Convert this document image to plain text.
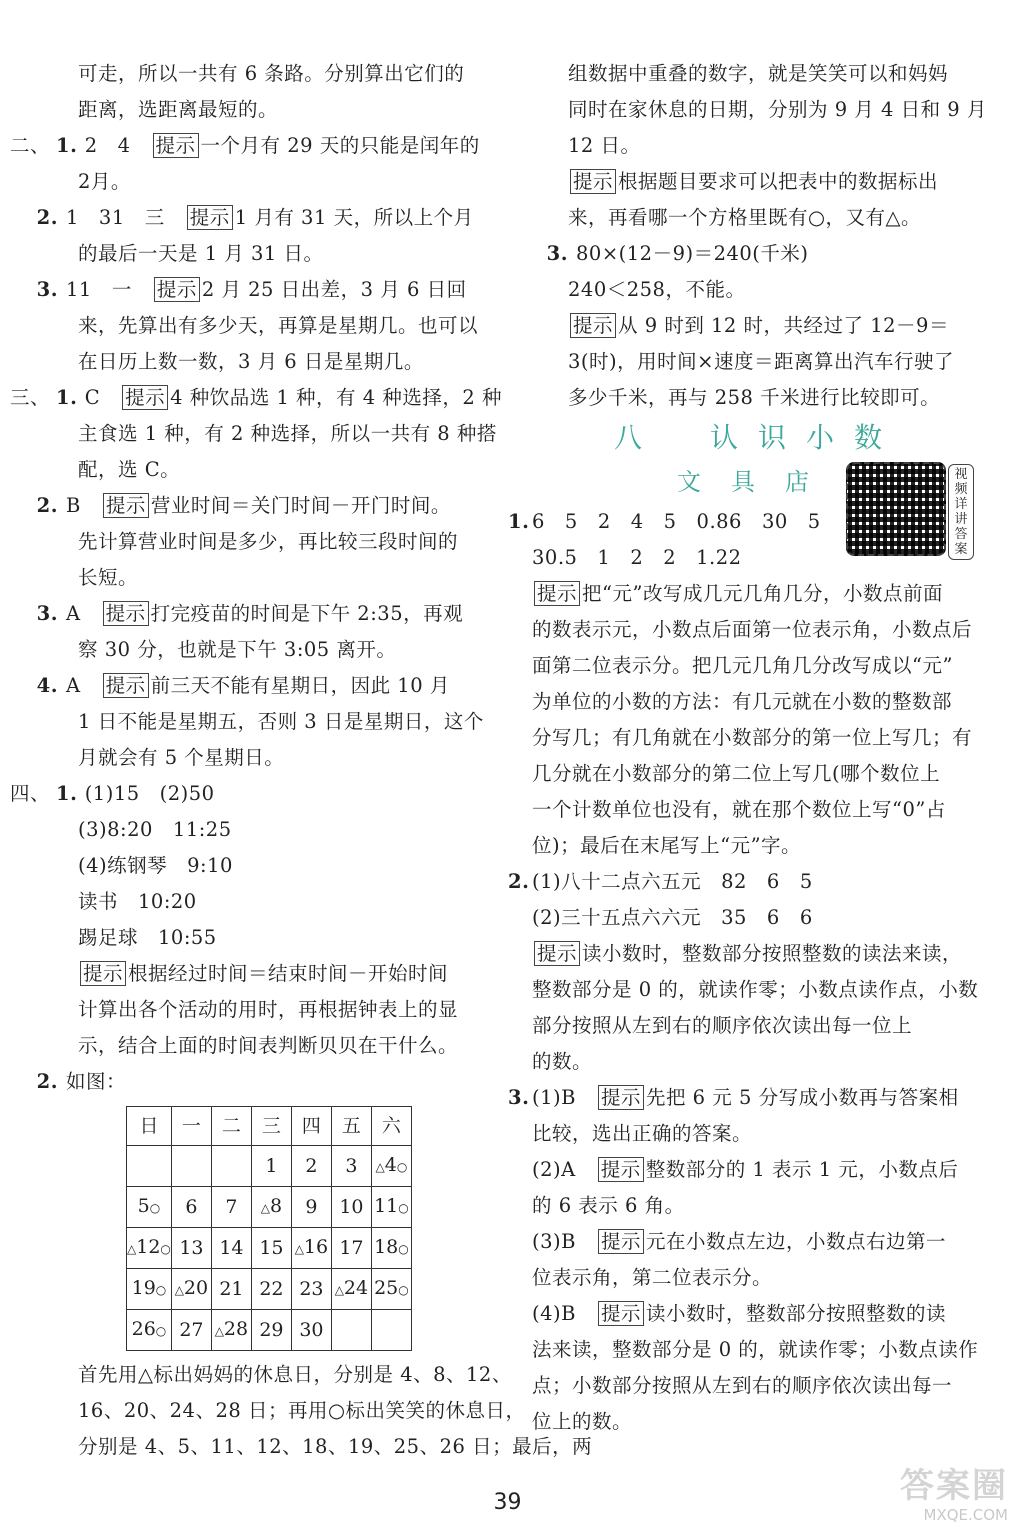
可走，所以一共有 6 条路。分别算出它们的
距离，选距离最短的。
二、 1. 2　4　提示 一个月有 29 天的只能是闰年的
2月。
2. 1　31　三　提示 1 月有 31 天，所以上个月
的最后一天是 1 月 31 日。
3. 11　一　提示 2 月 25 日出差，3 月 6 日回
来，先算出有多少天，再算是星期几。也可以
在日历上数一数，3 月 6 日是星期几。
三、 1. C　提示 4 种饮品选 1 种，有 4 种选择，2 种
主食选 1 种，有 2 种选择，所以一共有 8 种搭
配，选 C。
2. B　提示 营业时间＝关门时间－开门时间。
先计算营业时间是多少，再比较三段时间的
长短。
3. A　提示 打完疫苗的时间是下午 2:35，再观
察 30 分，也就是下午 3:05 离开。
4. A　提示 前三天不能有星期日，因此 10 月
1 日不能是星期五，否则 3 日是星期日，这个
月就会有 5 个星期日。
四、 1. (1)15　(2)50
(3)8:20　11:25
(4)练钢琴　9:10
读书　10:20
踢足球　10:55
提示 根据经过时间＝结束时间－开始时间
计算出各个活动的用时，再根据钟表上的显
示，结合上面的时间表判断贝贝在干什么。
2. 如图：
日	一	二	三	四	五	六
			1	2	3	△4○
5○	6	7	△8	9	10	11○
△12○	13	14	15	△16	17	18○
19○	△20	21	22	23	△24	25○
26○	27	△28	29	30		
首先用△标出妈妈的休息日，分别是 4、8、12、
16、20、24、28 日；再用○标出笑笑的休息日，
分别是 4、5、11、12、18、19、25、26 日；最后，两
组数据中重叠的数字，就是笑笑可以和妈妈
同时在家休息的日期，分别为 9 月 4 日和 9 月
12 日。
提示 根据题目要求可以把表中的数据标出
来，再看哪一个方格里既有○，又有△。
3. 80×(12－9)＝240(千米)
240＜258，不能。
提示 从 9 时到 12 时，共经过了 12－9＝
3(时)，用时间×速度＝距离算出汽车行驶了
多少千米，再与 258 千米进行比较即可。
八　认识小数
文具店
1. 6　5　2　4　5　0.86　30　5
30.5　1　2　2　1.22
提示 把“元”改写成几元几角几分，小数点前面
的数表示元，小数点后面第一位表示角，小数点后
面第二位表示分。把几元几角几分改写成以“元”
为单位的小数的方法：有几元就在小数的整数部
分写几；有几角就在小数部分的第一位上写几；有
几分就在小数部分的第二位上写几(哪个数位上
一个计数单位也没有，就在那个数位上写“0”占
位)；最后在末尾写上“元”字。
2. (1)八十二点六五元　82　6　5
(2)三十五点六六元　35　6　6
提示 读小数时，整数部分按照整数的读法来读，
整数部分是 0 的，就读作零；小数点读作点，小数
部分按照从左到右的顺序依次读出每一位上
的数。
3. (1)B　提示 先把 6 元 5 分写成小数再与答案相
比较，选出正确的答案。
(2)A　提示 整数部分的 1 表示 1 元，小数点后
的 6 表示 6 角。
(3)B　提示 元在小数点左边，小数点右边第一
位表示角，第二位表示分。
(4)B　提示 读小数时，整数部分按照整数的读
法来读，整数部分是 0 的，就读作零；小数点读作
点；小数部分按照从左到右的顺序依次读出每一
位上的数。
视频详讲答案
39	答案圈
MXQE.COM
